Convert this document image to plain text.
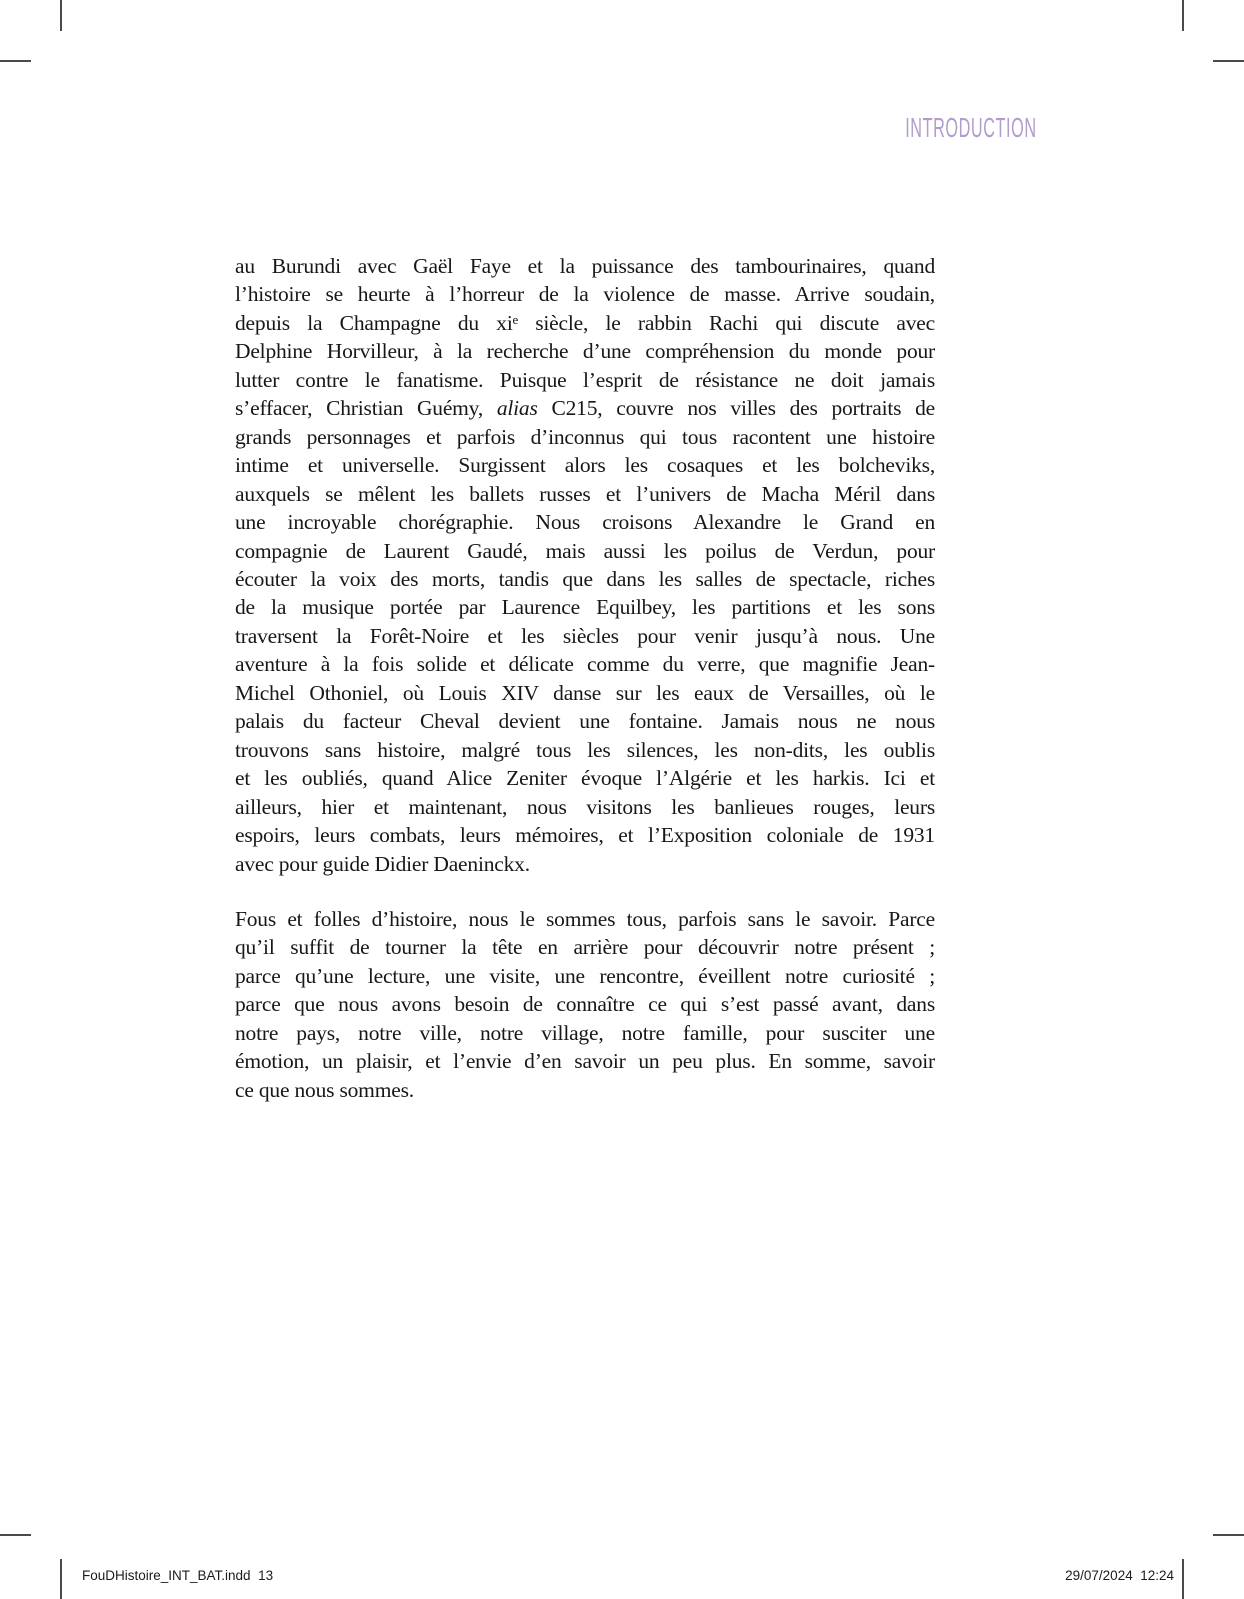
INTRODUCTION
au Burundi avec Gaël Faye et la puissance des tambourinaires, quand
l’histoire se heurte à l’horreur de la violence de masse. Arrive soudain,
depuis la Champagne du xiᵉ siècle, le rabbin Rachi qui discute avec
Delphine Horvilleur, à la recherche d’une compréhension du monde pour
lutter contre le fanatisme. Puisque l’esprit de résistance ne doit jamais
s’effacer, Christian Guémy, alias C215, couvre nos villes des portraits de
grands personnages et parfois d’inconnus qui tous racontent une histoire
intime et universelle. Surgissent alors les cosaques et les bolcheviks,
auxquels se mêlent les ballets russes et l’univers de Macha Méril dans
une incroyable chorégraphie. Nous croisons Alexandre le Grand en
compagnie de Laurent Gaudé, mais aussi les poilus de Verdun, pour
écouter la voix des morts, tandis que dans les salles de spectacle, riches
de la musique portée par Laurence Equilbey, les partitions et les sons
traversent la Forêt-Noire et les siècles pour venir jusqu’à nous. Une
aventure à la fois solide et délicate comme du verre, que magnifie Jean-
Michel Othoniel, où Louis XIV danse sur les eaux de Versailles, où le
palais du facteur Cheval devient une fontaine. Jamais nous ne nous
trouvons sans histoire, malgré tous les silences, les non-dits, les oublis
et les oubliés, quand Alice Zeniter évoque l’Algérie et les harkis. Ici et
ailleurs, hier et maintenant, nous visitons les banlieues rouges, leurs
espoirs, leurs combats, leurs mémoires, et l’Exposition coloniale de 1931
avec pour guide Didier Daeninckx.
Fous et folles d’histoire, nous le sommes tous, parfois sans le savoir. Parce
qu’il suffit de tourner la tête en arrière pour découvrir notre présent ;
parce qu’une lecture, une visite, une rencontre, éveillent notre curiosité ;
parce que nous avons besoin de connaître ce qui s’est passé avant, dans
notre pays, notre ville, notre village, notre famille, pour susciter une
émotion, un plaisir, et l’envie d’en savoir un peu plus. En somme, savoir
ce que nous sommes.
FouDHistoire_INT_BAT.indd  13	29/07/2024  12:24
